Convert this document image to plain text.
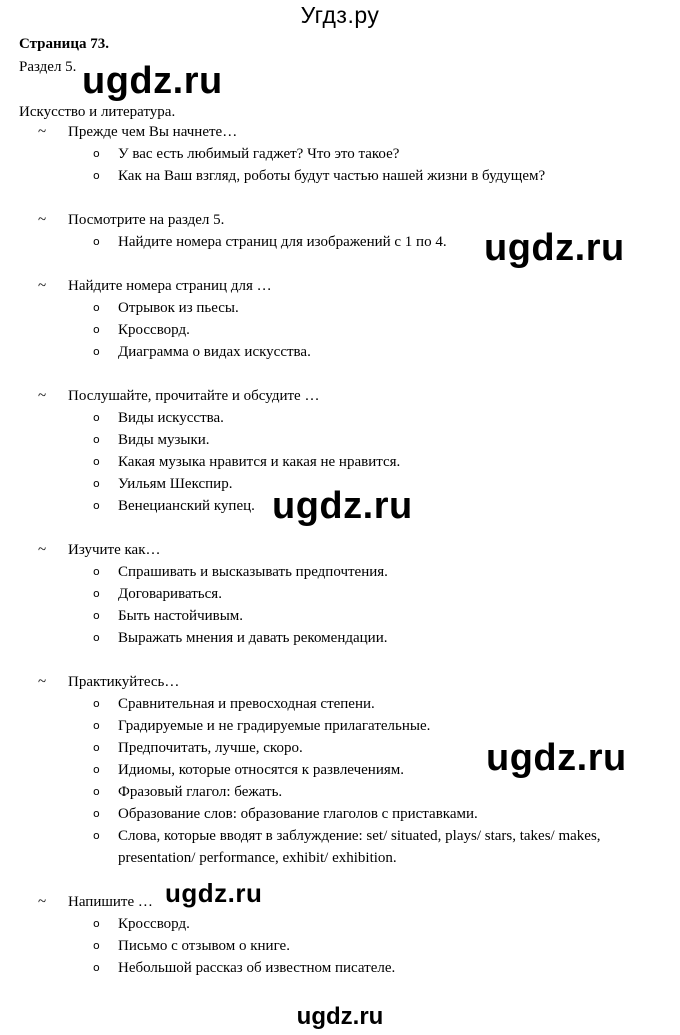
Угдз.ру
Страница 73.
Раздел 5.
Искусство и литература.
~ Прежде чем Вы начнете…
o У вас есть любимый гаджет? Что это такое?
o Как на Ваш взгляд, роботы будут частью нашей жизни в будущем?
~ Посмотрите на раздел 5.
o Найдите номера страниц для изображений с 1 по 4.
~ Найдите номера страниц для …
o Отрывок из пьесы.
o Кроссворд.
o Диаграмма о видах искусства.
~ Послушайте, прочитайте и обсудите …
o Виды искусства.
o Виды музыки.
o Какая музыка нравится и какая не нравится.
o Уильям Шекспир.
o Венецианский купец.
~ Изучите как…
o Спрашивать и высказывать предпочтения.
o Договариваться.
o Быть настойчивым.
o Выражать мнения и давать рекомендации.
~ Практикуйтесь…
o Сравнительная и превосходная степени.
o Градируемые и не градируемые прилагательные.
o Предпочитать, лучше, скоро.
o Идиомы, которые относятся к развлечениям.
o Фразовый глагол: бежать.
o Образование слов: образование глаголов с приставками.
o Слова, которые вводят в заблуждение: set/ situated, plays/ stars, takes/ makes, presentation/ performance, exhibit/ exhibition.
~ Напишите …
o Кроссворд.
o Письмо с отзывом о книге.
o Небольшой рассказ об известном писателе.
ugdz.ru
ugdz.ru
ugdz.ru
ugdz.ru
ugdz.ru
ugdz.ru
